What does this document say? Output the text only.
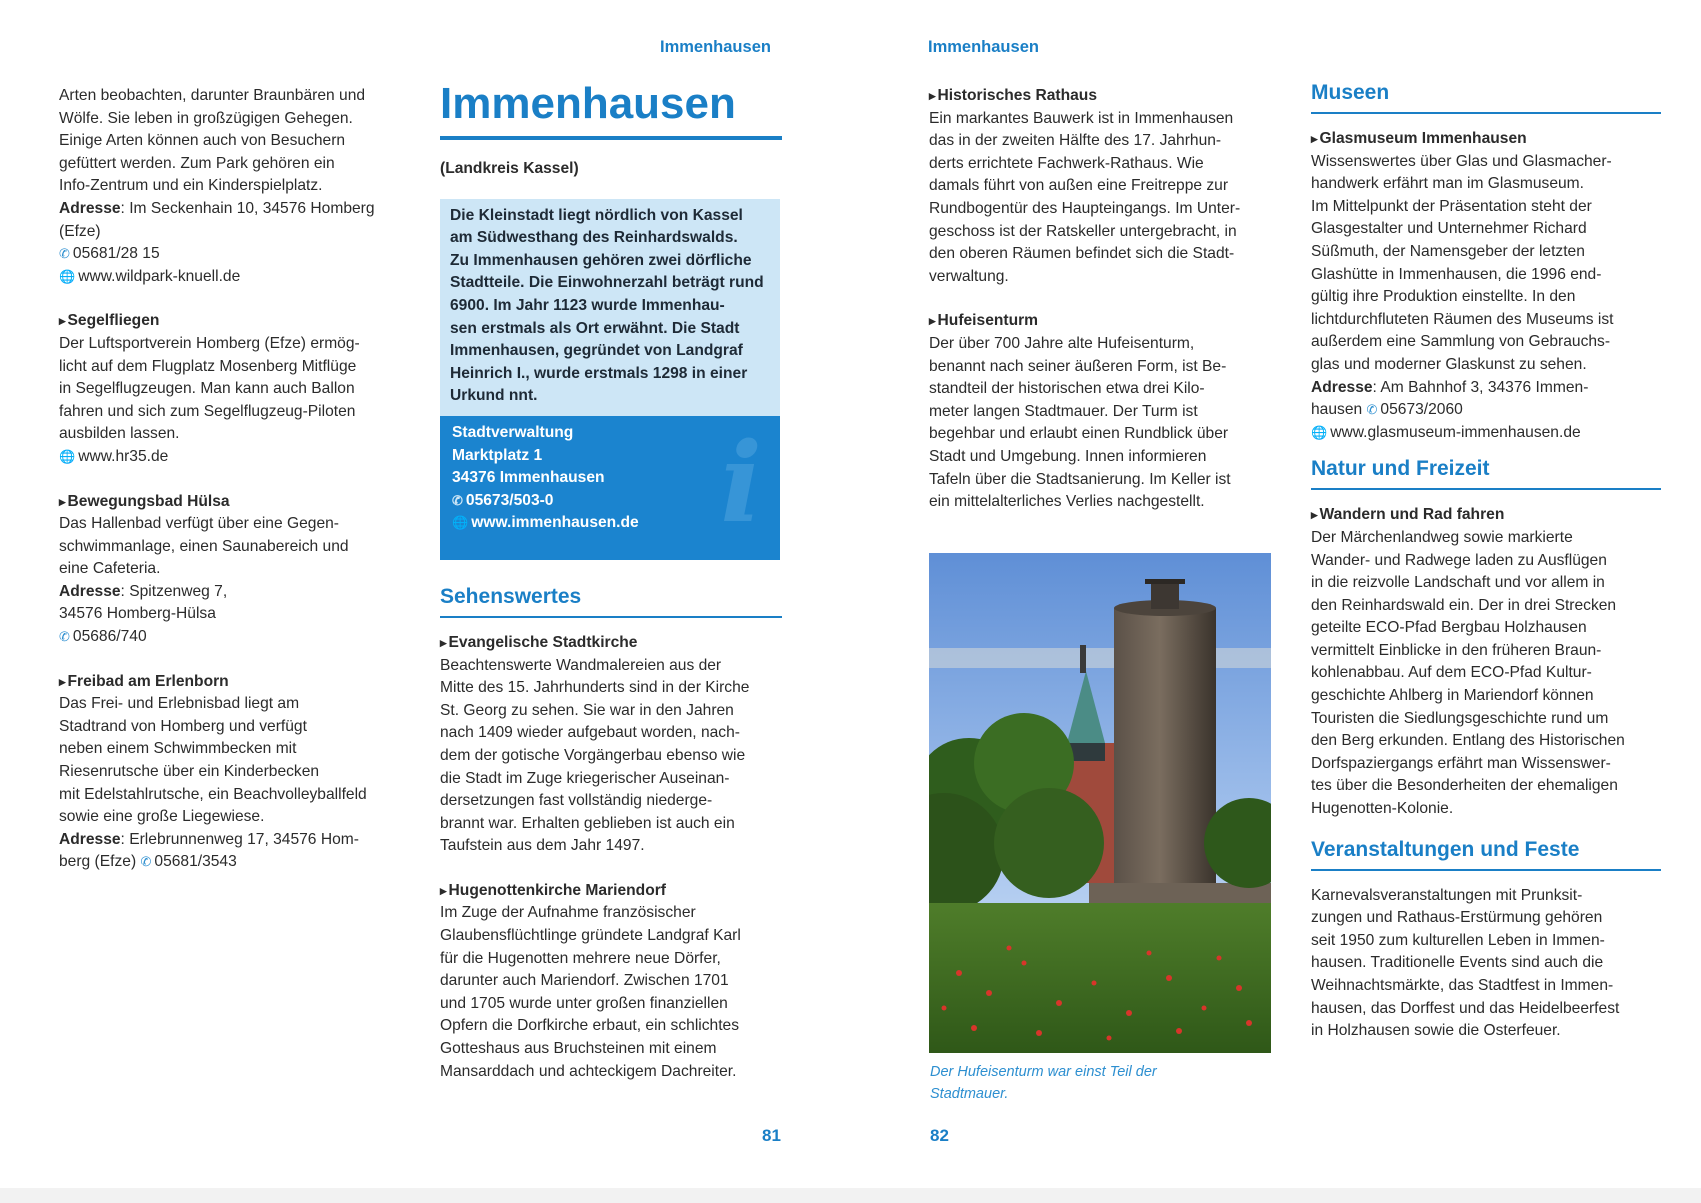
Immenhausen
Arten beobachten, darunter Braunbären und
Wölfe. Sie leben in großzügigen Gehegen.
Einige Arten können auch von Besuchern
gefüttert werden. Zum Park gehören ein
Info-Zentrum und ein Kinderspielplatz.

Adresse: Im Seckenhain 10, 34576 Homberg
(Efze)

✆ 05681/28 15

🌐 www.wildpark-knuell.de

▸ Segelfliegen

Der Luftsportverein Homberg (Efze) ermög-
licht auf dem Flugplatz Mosenberg Mitflüge
in Segelflugzeugen. Man kann auch Ballon
fahren und sich zum Segelflugzeug-Piloten
ausbilden lassen.

🌐 www.hr35.de

▸ Bewegungsbad Hülsa

Das Hallenbad verfügt über eine Gegen-
schwimmanlage, einen Saunabereich und
eine Cafeteria.

Adresse: Spitzenweg 7,
34576 Homberg-Hülsa

✆ 05686/740

▸ Freibad am Erlenborn

Das Frei- und Erlebnisbad liegt am
Stadtrand von Homberg und verfügt
neben einem Schwimmbecken mit
Riesenrutsche über ein Kinderbecken
mit Edelstahlrutsche, ein Beachvolleyballfeld
sowie eine große Liegewiese.

Adresse: Erlebrunnenweg 17, 34576 Hom-
berg (Efze) ✆ 05681/3543

Immenhausen
(Landkreis Kassel)
Die Kleinstadt liegt nördlich von Kassel
am Südwesthang des Reinhardswalds.
Zu Immenhausen gehören zwei dörfliche
Stadtteile. Die Einwohnerzahl beträgt rund
6900. Im Jahr 1123 wurde Immenhau-
sen erstmals als Ort erwähnt. Die Stadt
Immenhausen, gegründet von Landgraf
Heinrich I., wurde erstmals 1298 in einer
Urkund nnt.
i
Stadtverwaltung
Marktplatz 1
34376 Immenhausen
✆ 05673/503-0
🌐 www.immenhausen.de
Sehenswertes

▸ Evangelische Stadtkirche

Beachtenswerte Wandmalereien aus der
Mitte des 15. Jahrhunderts sind in der Kirche
St. Georg zu sehen. Sie war in den Jahren
nach 1409 wieder aufgebaut worden, nach-
dem der gotische Vorgängerbau ebenso wie
die Stadt im Zuge kriegerischer Auseinan-
dersetzungen fast vollständig niederge-
brannt war. Erhalten geblieben ist auch ein
Taufstein aus dem Jahr 1497.

▸ Hugenottenkirche Mariendorf

Im Zuge der Aufnahme französischer
Glaubensflüchtlinge gründete Landgraf Karl
für die Hugenotten mehrere neue Dörfer,
darunter auch Mariendorf. Zwischen 1701
und 1705 wurde unter großen finanziellen
Opfern die Dorfkirche erbaut, ein schlichtes
Gotteshaus aus Bruchsteinen mit einem
Mansarddach und achteckigem Dachreiter.
81
Immenhausen

▸ Historisches Rathaus

Ein markantes Bauwerk ist in Immenhausen
das in der zweiten Hälfte des 17. Jahrhun-
derts errichtete Fachwerk-Rathaus. Wie
damals führt von außen eine Freitreppe zur
Rundbogentür des Haupteingangs. Im Unter-
geschoss ist der Ratskeller untergebracht, in
den oberen Räumen befindet sich die Stadt-
verwaltung.

▸ Hufeisenturm

Der über 700 Jahre alte Hufeisenturm,
benannt nach seiner äußeren Form, ist Be-
standteil der historischen etwa drei Kilo-
meter langen Stadtmauer. Der Turm ist
begehbar und erlaubt einen Rundblick über
Stadt und Umgebung. Innen informieren
Tafeln über die Stadtsanierung. Im Keller ist
ein mittelalterliches Verlies nachgestellt.
Der Hufeisenturm war einst Teil der
Stadtmauer.
Museen

▸ Glasmuseum Immenhausen

Wissenswertes über Glas und Glasmacher-
handwerk erfährt man im Glasmuseum.
Im Mittelpunkt der Präsentation steht der
Glasgestalter und Unternehmer Richard
Süßmuth, der Namensgeber der letzten
Glashütte in Immenhausen, die 1996 end-
gültig ihre Produktion einstellte. In den
lichtdurchfluteten Räumen des Museums ist
außerdem eine Sammlung von Gebrauchs-
glas und moderner Glaskunst zu sehen.

Adresse: Am Bahnhof 3, 34376 Immen-
hausen ✆ 05673/2060

🌐 www.glasmuseum-immenhausen.de

Natur und Freizeit

▸ Wandern und Rad fahren

Der Märchenlandweg sowie markierte
Wander- und Radwege laden zu Ausflügen
in die reizvolle Landschaft und vor allem in
den Reinhardswald ein. Der in drei Strecken
geteilte ECO-Pfad Bergbau Holzhausen
vermittelt Einblicke in den früheren Braun-
kohlenabbau. Auf dem ECO-Pfad Kultur-
geschichte Ahlberg in Mariendorf können
Touristen die Siedlungsgeschichte rund um
den Berg erkunden. Entlang des Historischen
Dorfspaziergangs erfährt man Wissenswer-
tes über die Besonderheiten der ehemaligen
Hugenotten-Kolonie.
Veranstaltungen und Feste
Karnevalsveranstaltungen mit Prunksit-
zungen und Rathaus-Erstürmung gehören
seit 1950 zum kulturellen Leben in Immen-
hausen. Traditionelle Events sind auch die
Weihnachtsmärkte, das Stadtfest in Immen-
hausen, das Dorffest und das Heidelbeerfest
in Holzhausen sowie die Osterfeuer.
82
